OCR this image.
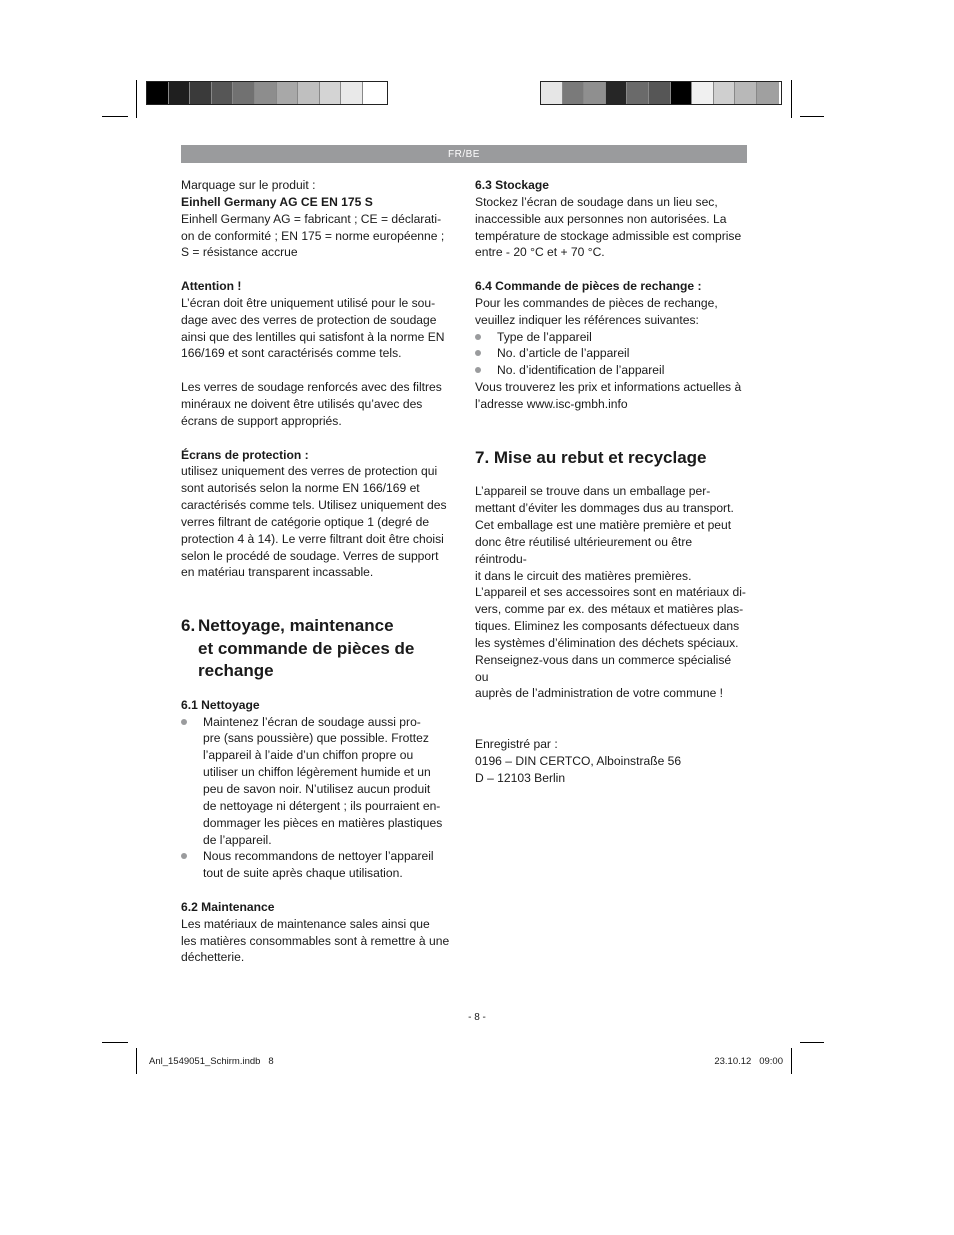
FR/BE

Marquage sur le produit :

Einhell Germany AG CE EN 175 S

Einhell Germany AG = fabricant ; CE = déclarati-

on de conformité ; EN 175 = norme européenne ;

S = résistance accrue

Attention !

L’écran doit être uniquement utilisé pour le sou-

dage avec des verres de protection de soudage

ainsi que des lentilles qui satisfont à la norme EN

166/169 et sont caractérisés comme tels.

Les verres de soudage renforcés avec des filtres

minéraux ne doivent être utilisés qu’avec des

écrans de support appropriés.

Écrans de protection :

utilisez uniquement des verres de protection qui

sont autorisés selon la norme EN 166/169 et

caractérisés comme tels. Utilisez uniquement des

verres filtrant de catégorie optique 1 (degré de

protection 4 à 14). Le verre filtrant doit être choisi

selon le procédé de soudage. Verres de support

en matériau transparent incassable.

6. Nettoyage, maintenance
et commande de pièces de
rechange

6.1 Nettoyage

Maintenez l’écran de soudage aussi pro-
pre (sans poussière) que possible. Frottez
l’appareil à l’aide d’un chiffon propre ou
utiliser un chiffon légèrement humide et un
peu de savon noir. N’utilisez aucun produit
de nettoyage ni détergent ; ils pourraient en-
dommager les pièces en matières plastiques
de l’appareil.
Nous recommandons de nettoyer l’appareil
tout de suite après chaque utilisation.

6.2 Maintenance

Les matériaux de maintenance sales ainsi que

les matières consommables sont à remettre à une

déchetterie.

6.3 Stockage

Stockez l’écran de soudage dans un lieu sec,

inaccessible aux personnes non autorisées. La

température de stockage admissible est comprise

entre - 20 °C et + 70 °C.

6.4 Commande de pièces de rechange :

Pour les commandes de pièces de rechange,

veuillez indiquer les références suivantes:

Type de l’appareil
No. d’article de l’appareil
No. d’identification de l’appareil

Vous trouverez les prix et informations actuelles à

l’adresse www.isc-gmbh.info

7. Mise au rebut et recyclage

L’appareil se trouve dans un emballage per-

mettant d’éviter les dommages dus au transport.

Cet emballage est une matière première et peut

donc être réutilisé ultérieurement ou être réintrodu-

it dans le circuit des matières premières.

L’appareil et ses accessoires sont en matériaux di-

vers, comme par ex. des métaux et matières plas-

tiques. Eliminez les composants défectueux dans

les systèmes d’élimination des déchets spéciaux.

Renseignez-vous dans un commerce spécialisé ou

auprès de l’administration de votre commune !

Enregistré par :

0196 – DIN CERTCO, Alboinstraße 56

D – 12103 Berlin

- 8 -
Anl_1549051_Schirm.indb   8	23.10.12   09:00
